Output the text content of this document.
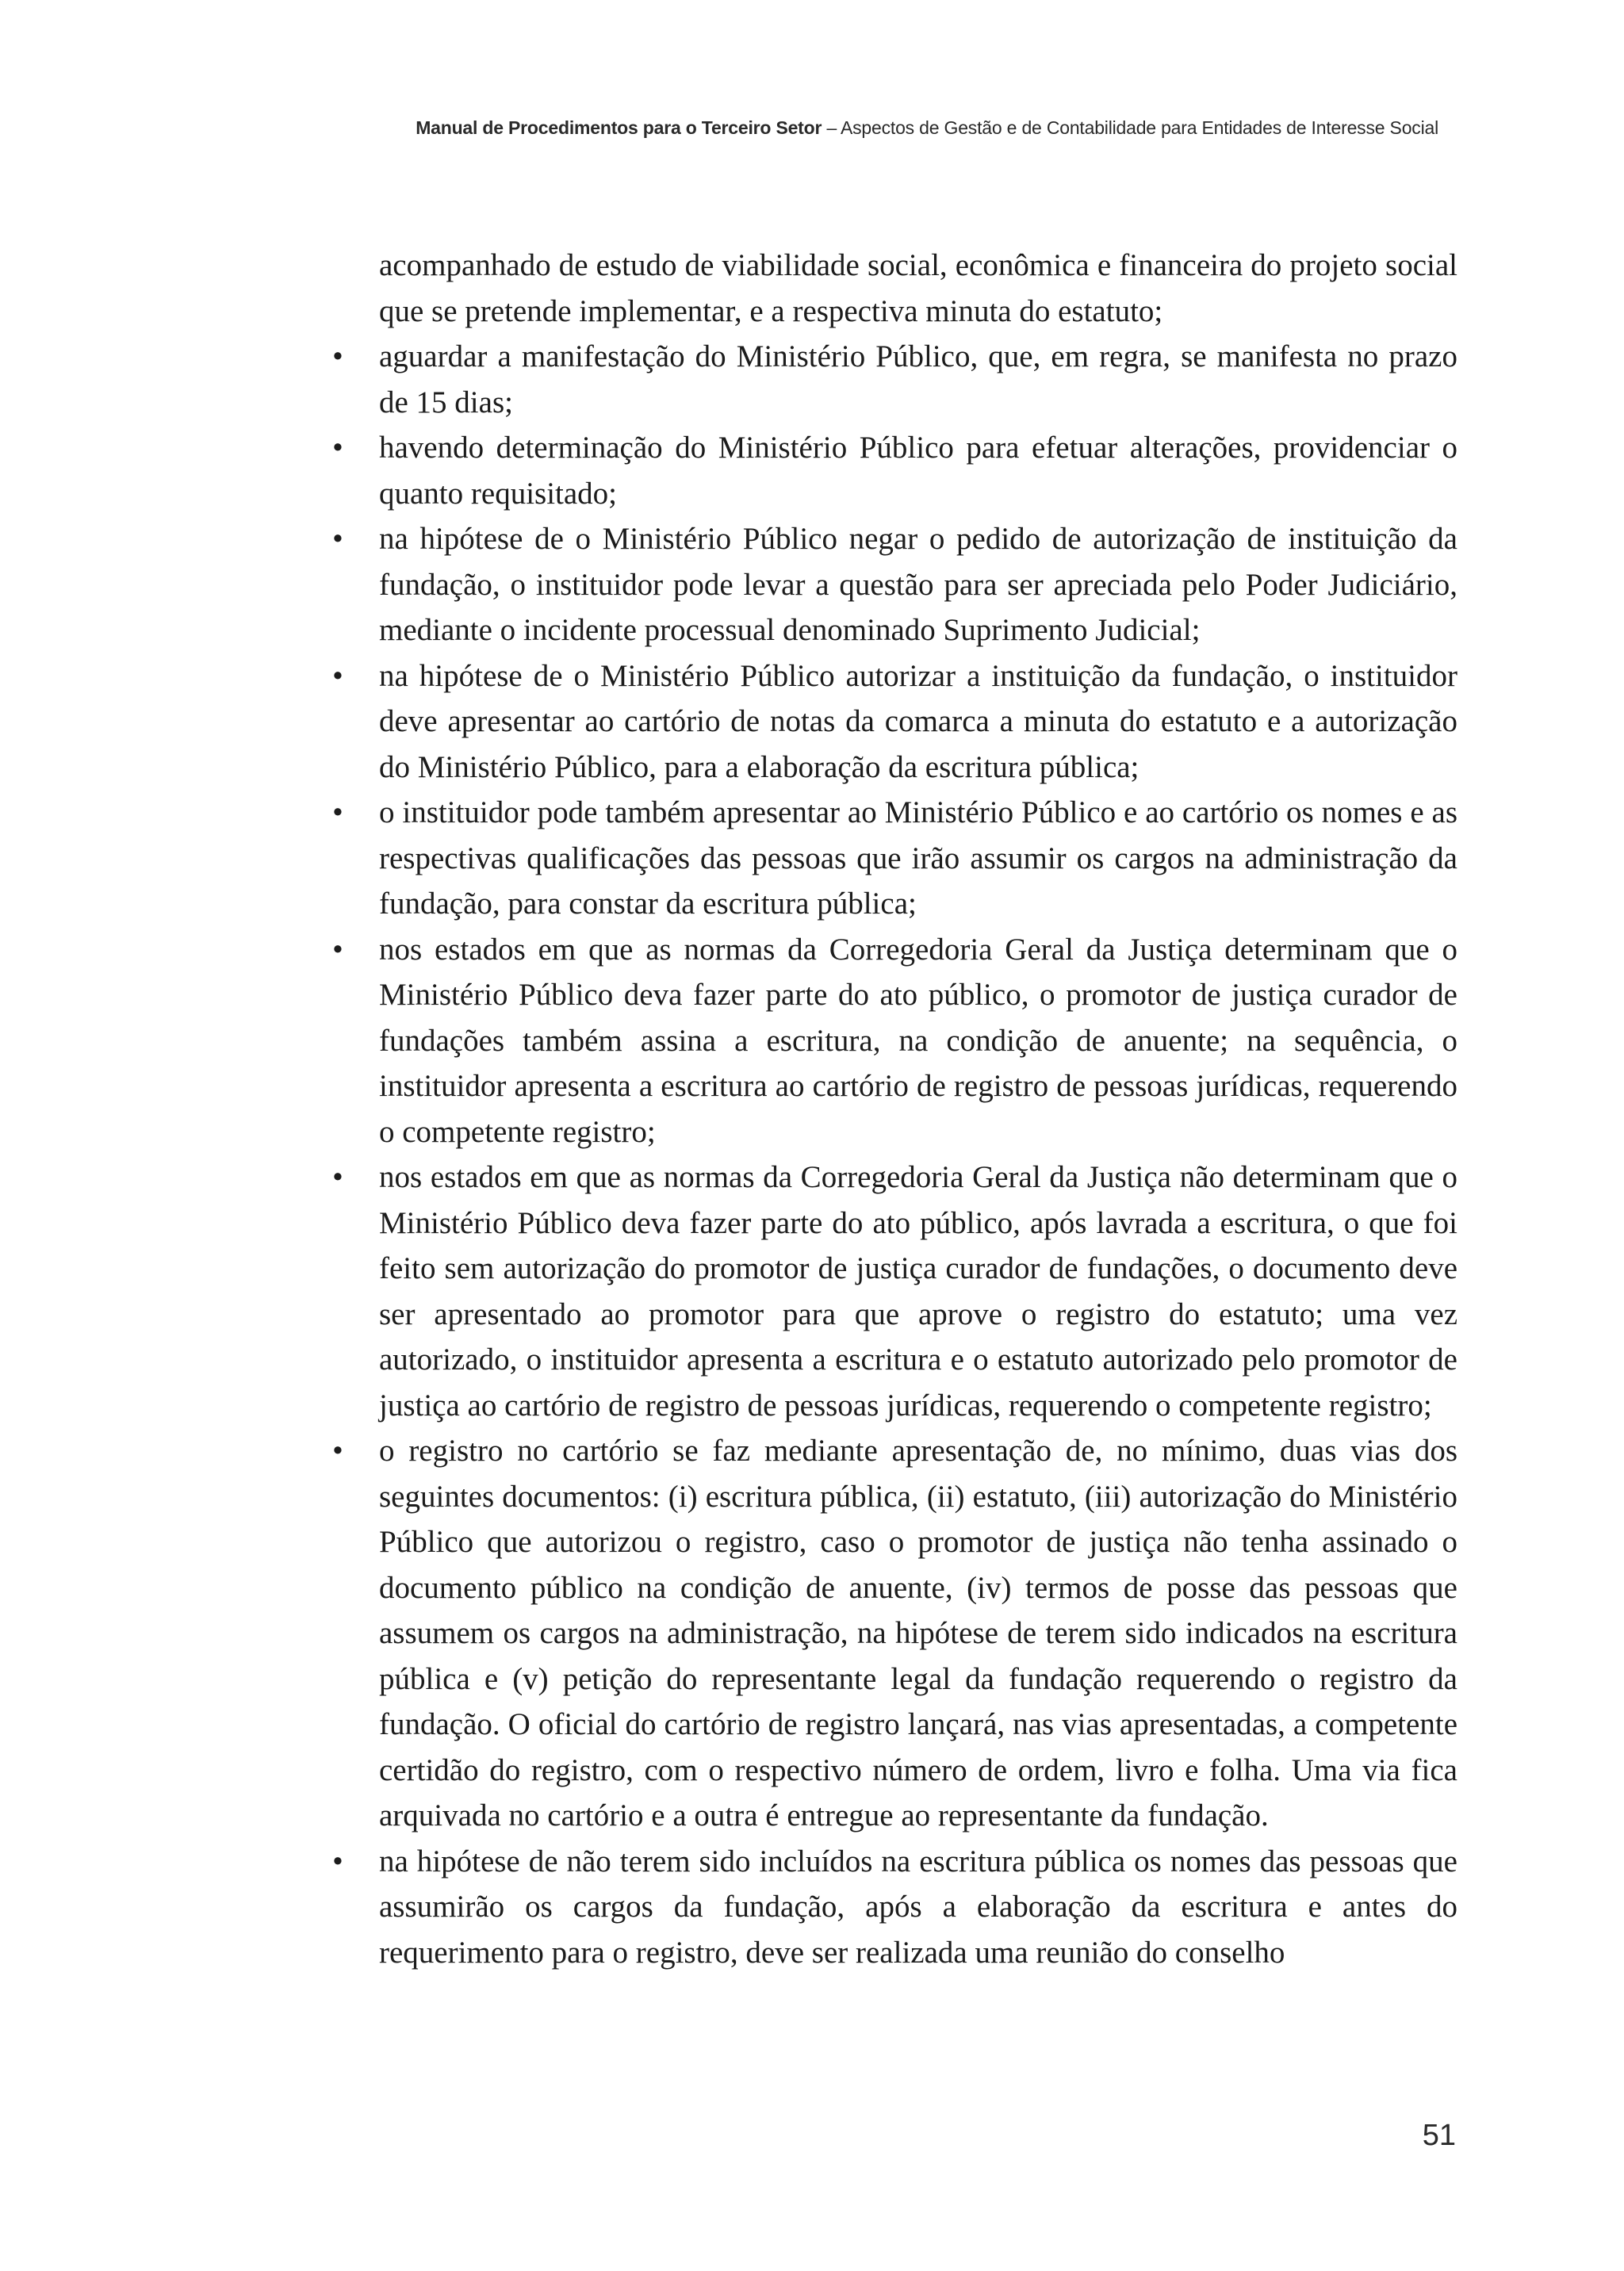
Manual de Procedimentos para o Terceiro Setor – Aspectos de Gestão e de Contabilidade para Entidades de Interesse Social

acompanhado de estudo de viabilidade social, econômica e financeira do projeto social que se pretende implementar, e a respectiva minuta do estatuto;

• aguardar a manifestação do Ministério Público, que, em regra, se manifesta no prazo de 15 dias;
• havendo determinação do Ministério Público para efetuar alterações, providenciar o quanto requisitado;
• na hipótese de o Ministério Público negar o pedido de autorização de instituição da fundação, o instituidor pode levar a questão para ser apreciada pelo Poder Judiciário, mediante o incidente processual denominado Suprimento Judicial;
• na hipótese de o Ministério Público autorizar a instituição da fundação, o instituidor deve apresentar ao cartório de notas da comarca a minuta do estatuto e a autorização do Ministério Público, para a elaboração da escritura pública;
• o instituidor pode também apresentar ao Ministério Público e ao cartório os nomes e as respectivas qualificações das pessoas que irão assumir os cargos na administração da fundação, para constar da escritura pública;
• nos estados em que as normas da Corregedoria Geral da Justiça determinam que o Ministério Público deva fazer parte do ato público, o promotor de justiça curador de fundações também assina a escritura, na condição de anuente; na sequência, o instituidor apresenta a escritura ao cartório de registro de pessoas jurídicas, requerendo o competente registro;
• nos estados em que as normas da Corregedoria Geral da Justiça não determinam que o Ministério Público deva fazer parte do ato público, após lavrada a escritura, o que foi feito sem autorização do promotor de justiça curador de fundações, o documento deve ser apresentado ao promotor para que aprove o registro do estatuto; uma vez autorizado, o instituidor apresenta a escritura e o estatuto autorizado pelo promotor de justiça ao cartório de registro de pessoas jurídicas, requerendo o competente registro;
• o registro no cartório se faz mediante apresentação de, no mínimo, duas vias dos seguintes documentos: (i) escritura pública, (ii) estatuto, (iii) autorização do Ministério Público que autorizou o registro, caso o promotor de justiça não tenha assinado o documento público na condição de anuente, (iv) termos de posse das pessoas que assumem os cargos na administração, na hipótese de terem sido indicados na escritura pública e (v) petição do representante legal da fundação requerendo o registro da fundação. O oficial do cartório de registro lançará, nas vias apresentadas, a competente certidão do registro, com o respectivo número de ordem, livro e folha. Uma via fica arquivada no cartório e a outra é entregue ao representante da fundação.
• na hipótese de não terem sido incluídos na escritura pública os nomes das pessoas que assumirão os cargos da fundação, após a elaboração da escritura e antes do requerimento para o registro, deve ser realizada uma reunião do conselho
51
